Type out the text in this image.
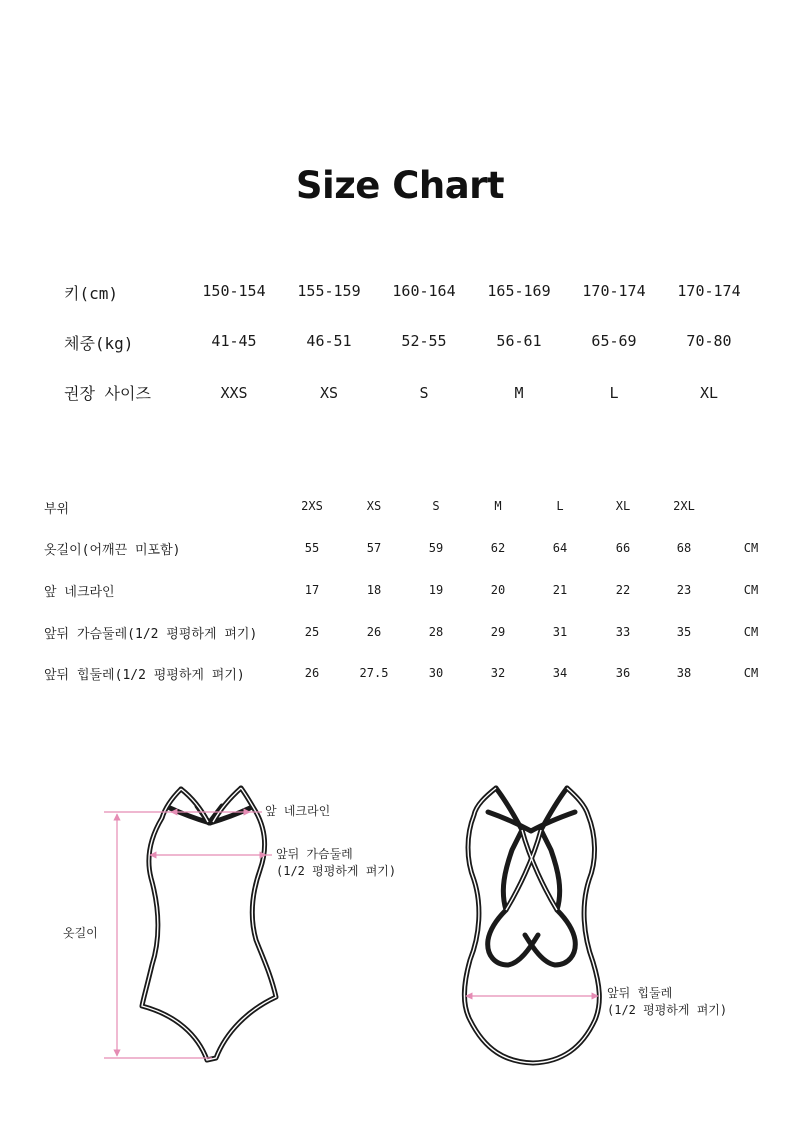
Size Chart
키(cm)	150-154	155-159	160-164	165-169	170-174	170-174
체중(kg)	41-45	46-51	52-55	56-61	65-69	70-80
권장 사이즈	XXS	XS	S	M	L	XL
부위	2XS	XS	S	M	L	XL	2XL
옷길이(어깨끈 미포함)	55	57	59	62	64	66	68	CM
앞 네크라인	17	18	19	20	21	22	23	CM
앞뒤 가슴둘레(1/2 평평하게 펴기)	25	26	28	29	31	33	35	CM
앞뒤 힙둘레(1/2 평평하게 펴기)	26	27.5	30	32	34	36	38	CM
앞 네크라인
앞뒤 가슴둘레
(1/2 평평하게 펴기)
옷길이
앞뒤 힙둘레
(1/2 평평하게 펴기)
